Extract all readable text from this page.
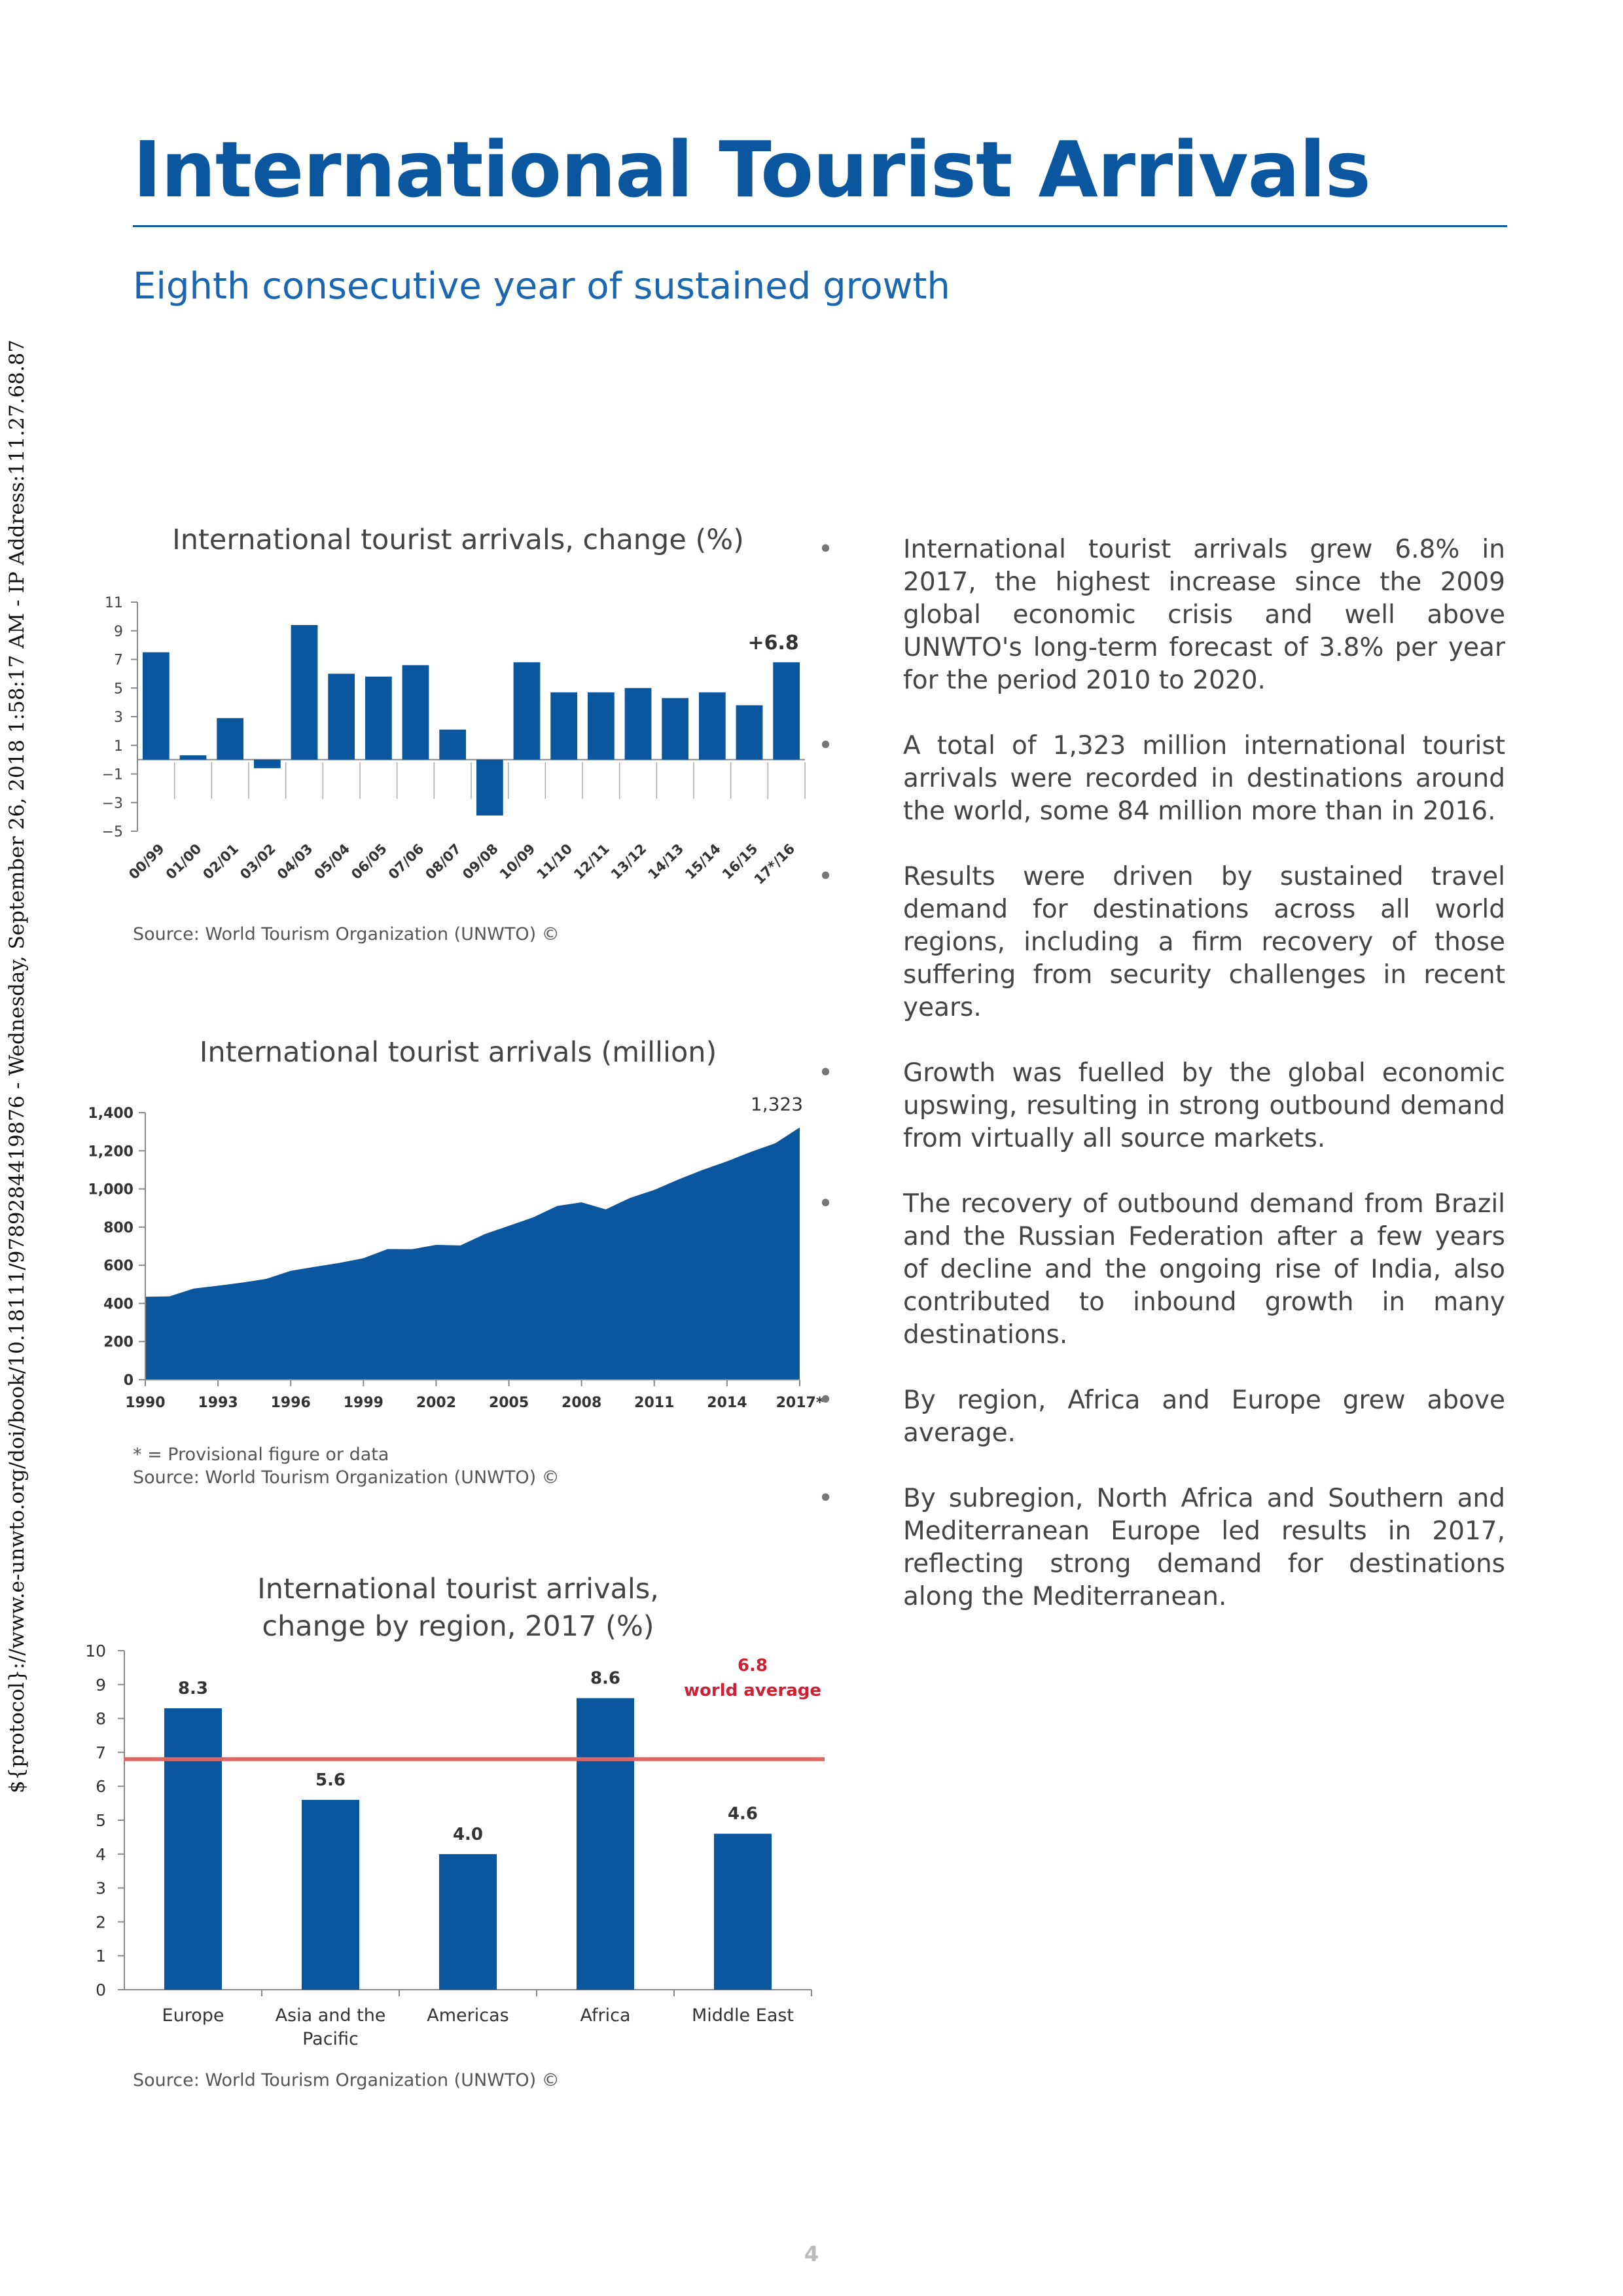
${protocol}://www.e-unwto.org/doi/book/10.18111/9789284419876 - Wednesday, September 26, 2018 1:58:17 AM - IP Address:111.27.68.87
International Tourist Arrivals
Eighth consecutive year of sustained growth
International tourist arrivals, change (%)
11
9
7
5
3
1
−1
−3
−5
00/99
01/00
02/01
03/02
04/03
05/04
06/05
07/06
08/07
09/08
10/09
11/10
12/11
13/12
14/13
15/14
16/15
17*/16
+6.8
Source: World Tourism Organization (UNWTO) ©
International tourist arrivals (million)
1,400
1,200
1,000
800
600
400
200
0
1990 1993 1996 1999 2002 2005 2008 2011 2014 2017*
1,323
* = Provisional figure or data
Source: World Tourism Organization (UNWTO) ©
International tourist arrivals,
change by region, 2017 (%)
10
9
8
7
6
5
4
3
2
1
0
8.3
Europe
5.6
Asia and the
Pacific
4.0
Americas
8.6
Africa
4.6
Middle East
6.8
world average
Source: World Tourism Organization (UNWTO) ©
•	International tourist arrivals grew 6.8% in 2017, the highest increase since the 2009 global economic crisis and well above UNWTO's long-term forecast of 3.8% per year for the period 2010 to 2020.
•	A total of 1,323 million international tourist arrivals were recorded in destinations around the world, some 84 million more than in 2016.
•	Results were driven by sustained travel demand for destinations across all world regions, including a firm recovery of those suffering from security challenges in recent years.
•	Growth was fuelled by the global economic upswing, resulting in strong outbound demand from virtually all source markets.
•	The recovery of outbound demand from Brazil and the Russian Federation after a few years of decline and the ongoing rise of India, also contributed to inbound growth in many destinations.
•	By region, Africa and Europe grew above average.
•	By subregion, North Africa and Southern and Mediterranean Europe led results in 2017, reflecting strong demand for destinations along the Mediterranean.
4
